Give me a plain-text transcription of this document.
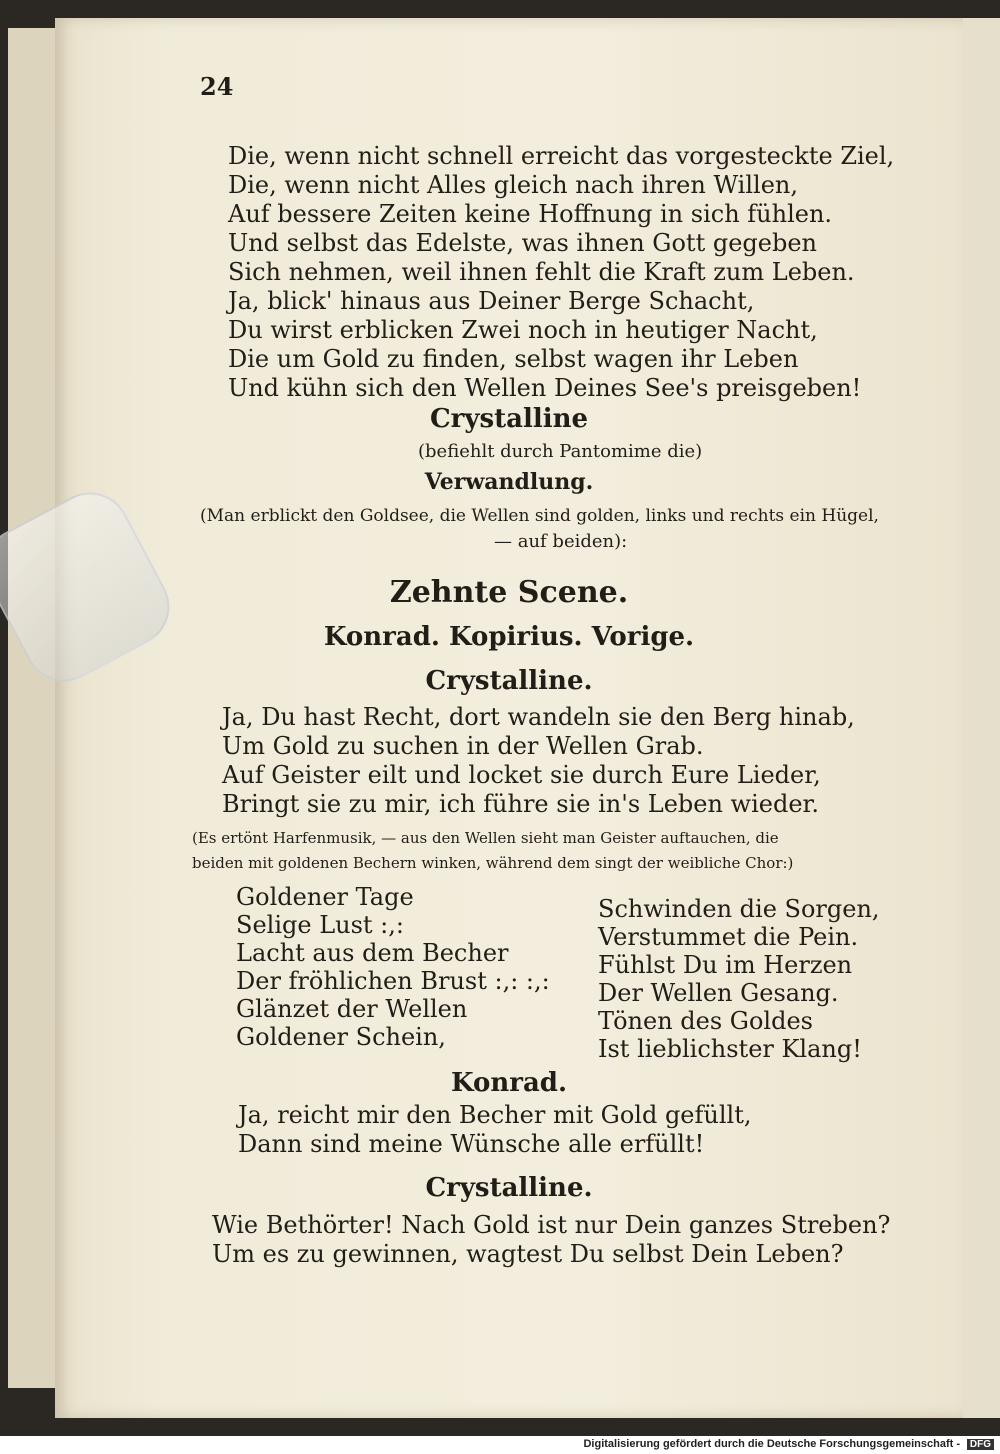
24
Die, wenn nicht schnell erreicht das vorgesteckte Ziel,
Die, wenn nicht Alles gleich nach ihren Willen,
Auf bessere Zeiten keine Hoffnung in sich fühlen.
Und selbst das Edelste, was ihnen Gott gegeben
Sich nehmen, weil ihnen fehlt die Kraft zum Leben.
Ja, blick' hinaus aus Deiner Berge Schacht,
Du wirst erblicken Zwei noch in heutiger Nacht,
Die um Gold zu finden, selbst wagen ihr Leben
Und kühn sich den Wellen Deines See's preisgeben!
Crystalline
(befiehlt durch Pantomime die)
Verwandlung.
(Man erblickt den Goldsee, die Wellen sind golden, links und rechts ein Hügel,
— auf beiden):
Zehnte Scene.
Konrad. Kopirius. Vorige.
Crystalline.
Ja, Du hast Recht, dort wandeln sie den Berg hinab,
Um Gold zu suchen in der Wellen Grab.
Auf Geister eilt und locket sie durch Eure Lieder,
Bringt sie zu mir, ich führe sie in's Leben wieder.
(Es ertönt Harfenmusik, — aus den Wellen sieht man Geister auftauchen, die
beiden mit goldenen Bechern winken, während dem singt der weibliche Chor:)
Goldener Tage
Selige Lust :,:
Lacht aus dem Becher
Der fröhlichen Brust :,: :,:
Glänzet der Wellen
Goldener Schein,
Schwinden die Sorgen,
Verstummet die Pein.
Fühlst Du im Herzen
Der Wellen Gesang.
Tönen des Goldes
Ist lieblichster Klang!
Konrad.
Ja, reicht mir den Becher mit Gold gefüllt,
Dann sind meine Wünsche alle erfüllt!
Crystalline.
Wie Bethörter! Nach Gold ist nur Dein ganzes Streben?
Um es zu gewinnen, wagtest Du selbst Dein Leben?
Digitalisierung gefördert durch die Deutsche Forschungsgemeinschaft - DFG
